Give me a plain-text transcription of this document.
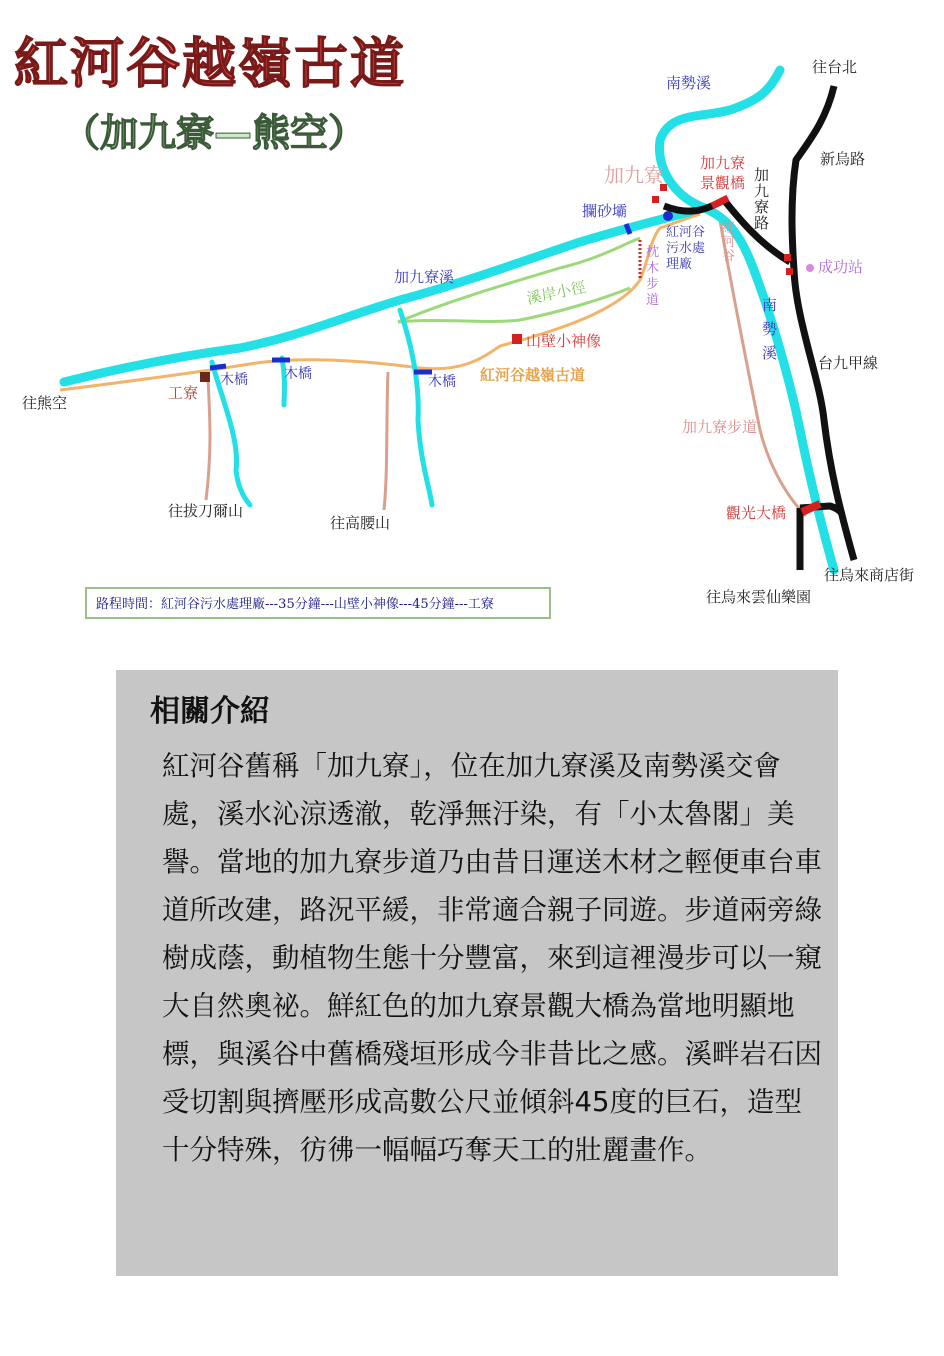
紅河谷越嶺古道
（加九寮—熊空）
往台北
新烏路
加
九
寮
路
南勢溪
加九寮 加九寮
景觀橋
攔砂壩
紅河谷
污水處
理廠
紅
河
谷
枕
木
步
道
成功站
加九寮溪
溪岸小徑	南
勢
溪
台九甲線
山壁小神像
紅河谷越嶺古道
加九寮步道
往熊空
工寮
木橋	木橋	木橋
往拔刀爾山
往高腰山
觀光大橋
往烏來商店街
往烏來雲仙樂園
路程時間：紅河谷污水處理廠---35分鐘---山壁小神像---45分鐘---工寮
相關介紹

紅河谷舊稱「加九寮」，位在加九寮溪及南勢溪交會處，溪水沁涼透澈，乾淨無汙染，有「小太魯閣」美譽。當地的加九寮步道乃由昔日運送木材之輕便車台車道所改建，路況平緩，非常適合親子同遊。步道兩旁綠樹成蔭，動植物生態十分豐富，來到這裡漫步可以一窺大自然奧祕。鮮紅色的加九寮景觀大橋為當地明顯地標，與溪谷中舊橋殘垣形成今非昔比之感。溪畔岩石因受切割與擠壓形成高數公尺並傾斜45度的巨石，造型十分特殊，彷彿一幅幅巧奪天工的壯麗畫作。
